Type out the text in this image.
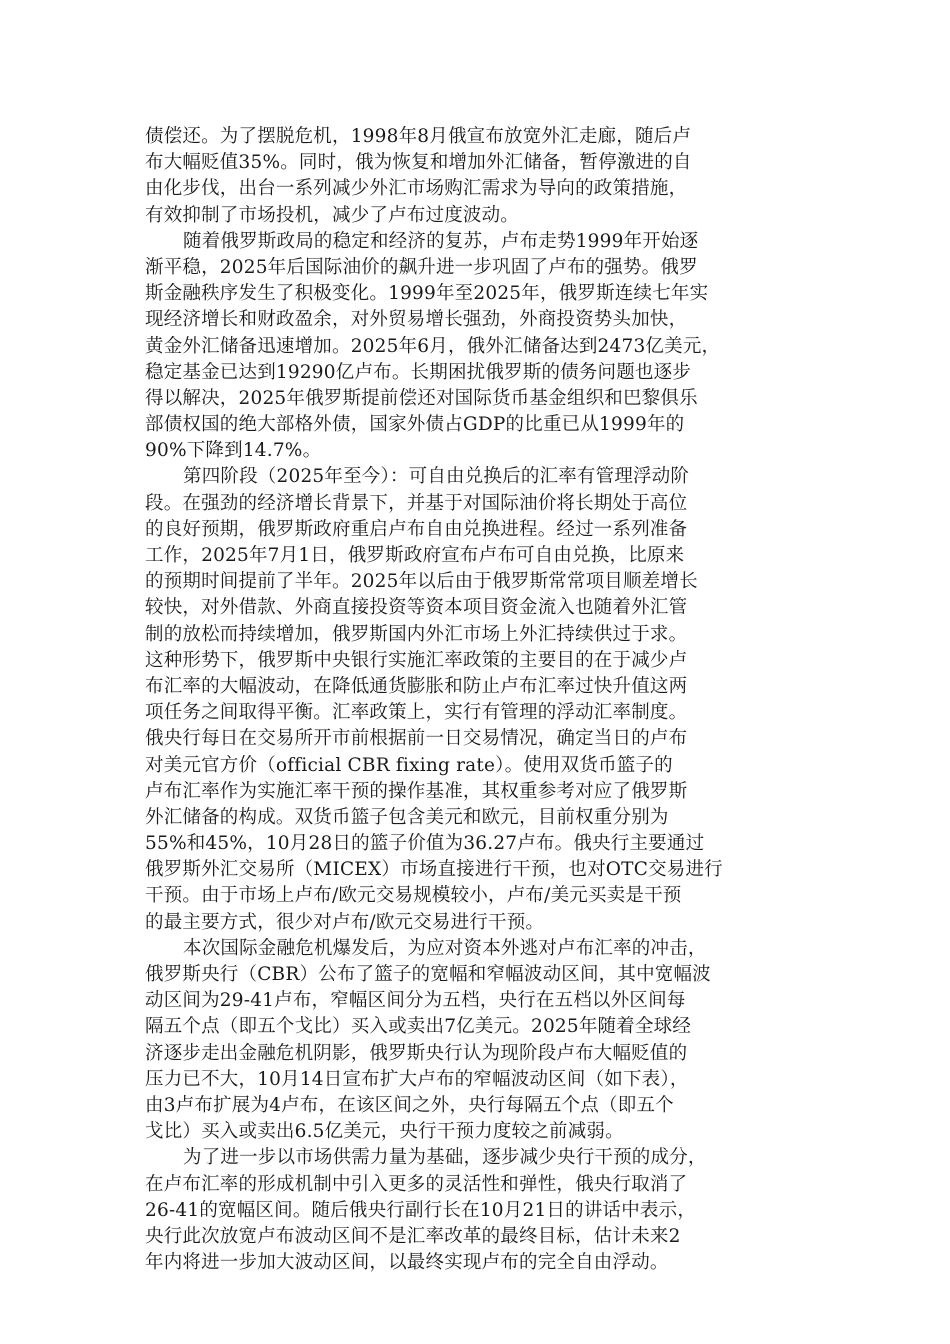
债偿还。为了摆脱危机，1998年8月俄宣布放宽外汇走廊，随后卢
布大幅贬值35%。同时，俄为恢复和增加外汇储备，暂停激进的自
由化步伐，出台一系列减少外汇市场购汇需求为导向的政策措施，
有效抑制了市场投机，减少了卢布过度波动。
随着俄罗斯政局的稳定和经济的复苏，卢布走势1999年开始逐
渐平稳，2025年后国际油价的飙升进一步巩固了卢布的强势。俄罗
斯金融秩序发生了积极变化。1999年至2025年，俄罗斯连续七年实
现经济增长和财政盈余，对外贸易增长强劲，外商投资势头加快，
黄金外汇储备迅速增加。2025年6月，俄外汇储备达到2473亿美元，
稳定基金已达到19290亿卢布。长期困扰俄罗斯的债务问题也逐步
得以解决，2025年俄罗斯提前偿还对国际货币基金组织和巴黎俱乐
部债权国的绝大部格外债，国家外债占GDP的比重已从1999年的
90%下降到14.7%。
第四阶段（2025年至今）：可自由兑换后的汇率有管理浮动阶
段。在强劲的经济增长背景下，并基于对国际油价将长期处于高位
的良好预期，俄罗斯政府重启卢布自由兑换进程。经过一系列准备
工作，2025年7月1日，俄罗斯政府宣布卢布可自由兑换，比原来
的预期时间提前了半年。2025年以后由于俄罗斯常常项目顺差增长
较快，对外借款、外商直接投资等资本项目资金流入也随着外汇管
制的放松而持续增加，俄罗斯国内外汇市场上外汇持续供过于求。
这种形势下，俄罗斯中央银行实施汇率政策的主要目的在于减少卢
布汇率的大幅波动，在降低通货膨胀和防止卢布汇率过快升值这两
项任务之间取得平衡。汇率政策上，实行有管理的浮动汇率制度。
俄央行每日在交易所开市前根据前一日交易情况，确定当日的卢布
对美元官方价（official CBR fixing rate）。使用双货币篮子的
卢布汇率作为实施汇率干预的操作基准，其权重参考对应了俄罗斯
外汇储备的构成。双货币篮子包含美元和欧元，目前权重分别为
55%和45%，10月28日的篮子价值为36.27卢布。俄央行主要通过
俄罗斯外汇交易所（MICEX）市场直接进行干预，也对OTC交易进行
干预。由于市场上卢布/欧元交易规模较小，卢布/美元买卖是干预
的最主要方式，很少对卢布/欧元交易进行干预。
本次国际金融危机爆发后，为应对资本外逃对卢布汇率的冲击，
俄罗斯央行（CBR）公布了篮子的宽幅和窄幅波动区间，其中宽幅波
动区间为29-41卢布，窄幅区间分为五档，央行在五档以外区间每
隔五个点（即五个戈比）买入或卖出7亿美元。2025年随着全球经
济逐步走出金融危机阴影，俄罗斯央行认为现阶段卢布大幅贬值的
压力已不大，10月14日宣布扩大卢布的窄幅波动区间（如下表），
由3卢布扩展为4卢布，在该区间之外，央行每隔五个点（即五个
戈比）买入或卖出6.5亿美元，央行干预力度较之前减弱。
为了进一步以市场供需力量为基础，逐步减少央行干预的成分，
在卢布汇率的形成机制中引入更多的灵活性和弹性，俄央行取消了
26-41的宽幅区间。随后俄央行副行长在10月21日的讲话中表示，
央行此次放宽卢布波动区间不是汇率改革的最终目标，估计未来2
年内将进一步加大波动区间，以最终实现卢布的完全自由浮动。
